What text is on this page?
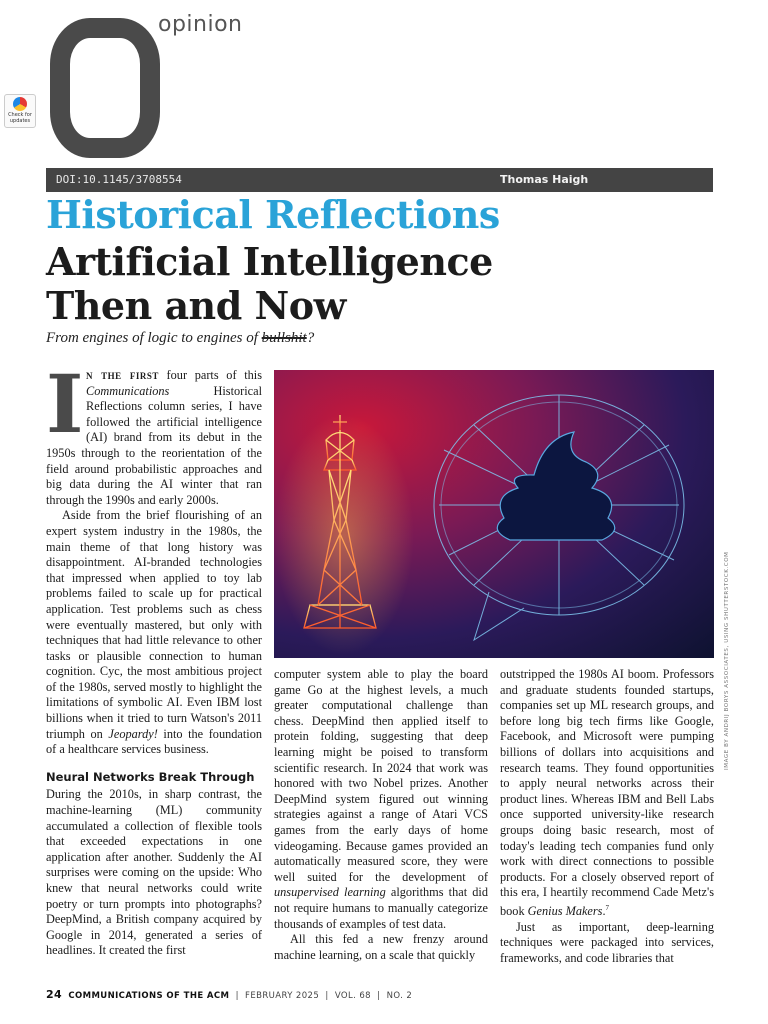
opinion
Check for updates
DOI:10.1145/3708554	Thomas Haigh
Historical Reflections
Artificial Intelligence
Then and Now
From engines of logic to engines of bullshit?

In the first four parts of this Communications Historical Reflections column series, I have followed the artificial intelligence (AI) brand from its debut in the 1950s through to the reorientation of the field around probabilistic approaches and big data during the AI winter that ran through the 1990s and early 2000s.

Aside from the brief flourishing of an expert system industry in the 1980s, the main theme of that long history was disappointment. AI-branded technologies that impressed when applied to toy lab problems failed to scale up for practical application. Test problems such as chess were eventually mastered, but only with techniques that had little relevance to other tasks or plausible connection to human cognition. Cyc, the most ambitious project of the 1980s, served mostly to highlight the limitations of symbolic AI. Even IBM lost billions when it tried to turn Watson's 2011 triumph on Jeopardy! into the foundation of a healthcare services business.

Neural Networks Break Through

During the 2010s, in sharp contrast, the machine-learning (ML) community accumulated a collection of flexible tools that exceeded expectations in one application after another. Suddenly the AI surprises were coming on the upside: Who knew that neural networks could write poetry or turn prompts into photographs? DeepMind, a British company acquired by Google in 2014, generated a series of headlines. It created the first

IMAGE BY ANDRIJ BORYS ASSOCIATES, USING SHUTTERSTOCK.COM

computer system able to play the board game Go at the highest levels, a much greater computational challenge than chess. DeepMind then applied itself to protein folding, suggesting that deep learning might be poised to transform scientific research. In 2024 that work was honored with two Nobel prizes. Another DeepMind system figured out winning strategies against a range of Atari VCS games from the early days of home videogaming. Because games provided an automatically measured score, they were well suited for the development of unsupervised learning algorithms that did not require humans to manually categorize thousands of examples of test data.

All this fed a new frenzy around machine learning, on a scale that quickly

outstripped the 1980s AI boom. Professors and graduate students founded startups, companies set up ML research groups, and before long big tech firms like Google, Facebook, and Microsoft were pumping billions of dollars into acquisitions and research teams. They found opportunities to apply neural networks across their product lines. Whereas IBM and Bell Labs once supported university-like research groups doing basic research, most of today's leading tech companies fund only work with direct connections to possible products. For a closely observed report of this era, I heartily recommend Cade Metz's book Genius Makers.$^7$

Just as important, deep-learning techniques were packaged into services, frameworks, and code libraries that

24 COMMUNICATIONS OF THE ACM  |  FEBRUARY 2025  |  VOL. 68  |  NO. 2
